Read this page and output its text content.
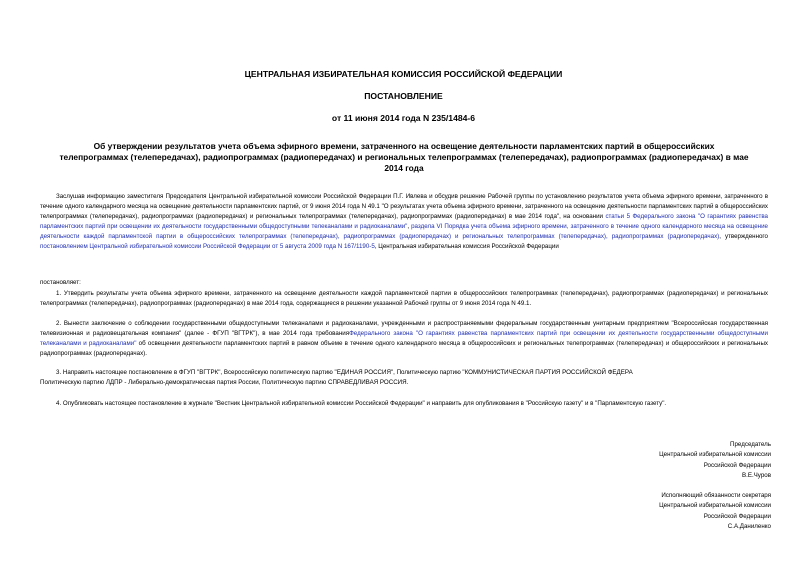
ЦЕНТРАЛЬНАЯ ИЗБИРАТЕЛЬНАЯ КОМИССИЯ РОССИЙСКОЙ ФЕДЕРАЦИИ
ПОСТАНОВЛЕНИЕ
от 11 июня 2014 года N 235/1484-6
Об утверждении результатов учета объема эфирного времени, затраченного на освещение деятельности парламентских партий в общероссийских
телепрограммах (телепередачах), радиопрограммах (радиопередачах) и региональных телепрограммах (телепередачах), радиопрограммах (радиопередачах) в мае
2014 года
Заслушав информацию заместителя Председателя Центральной избирательной комиссии Российской Федерации П.Г. Ивлева и обсудив решение Рабочей группы по установлению результатов учета объема эфирного времени, затраченного в течение одного календарного месяца на освещение деятельности парламентских партий, от 9 июня 2014 года N 49.1 "О результатах учета объема эфирного времени, затраченного на освещение деятельности парламентских партий в общероссийских телепрограммах (телепередачах), радиопрограммах (радиопередачах) и региональных телепрограммах (телепередачах), радиопрограммах (радиопередачах) в мае 2014 года", на основании статьи 5 Федерального закона "О гарантиях равенства парламентских партий при освещении их деятельности государственными общедоступными телеканалами и радиоканалами", раздела VI Порядка учета объема эфирного времени, затраченного в течение одного календарного месяца на освещение деятельности каждой парламентской партии в общероссийских телепрограммах (телепередачах), радиопрограммах (радиопередачах) и региональных телепрограммах (телепередачах), радиопрограммах (радиопередачах), утвержденного постановлением Центральной избирательной комиссии Российской Федерации от 5 августа 2009 года N 167/1190-5, Центральная избирательная комиссия Российской Федерации
постановляет:
1. Утвердить результаты учета объема эфирного времени, затраченного на освещение деятельности каждой парламентской партии в общероссийских телепрограммах (телепередачах), радиопрограммах (радиопередачах) и региональных телепрограммах (телепередачах), радиопрограммах (радиопередачах) в мае 2014 года, содержащиеся в решении указанной Рабочей группы от 9 июня 2014 года N 49.1.
2. Вынести заключение о соблюдении государственными общедоступными телеканалами и радиоканалами, учрежденными и распространяемыми федеральным государственным унитарным предприятием "Всероссийская государственная телевизионная и радиовещательная компания" (далее - ФГУП "ВГТРК"), в мае 2014 года требованияФедерального закона "О гарантиях равенства парламентских партий при освещении их деятельности государственными общедоступными телеканалами и радиоканалами" об освещении деятельности парламентских партий в равном объеме в течение одного календарного месяца в общероссийских и региональных телепрограммах (телепередачах) и общероссийских и региональных радиопрограммах (радиопередачах).
3. Направить настоящее постановление в ФГУП "ВГТРК", Всероссийскую политическую партию "ЕДИНАЯ РОССИЯ", Политическую партию "КОММУНИСТИЧЕСКАЯ ПАРТИЯ РОССИЙСКОЙ ФЕДЕРА
Политическую партию ЛДПР - Либерально-демократическая партия России, Политическую партию СПРАВЕДЛИВАЯ РОССИЯ.
4. Опубликовать настоящее постановление в журнале "Вестник Центральной избирательной комиссии Российской Федерации" и направить для опубликования в "Российскую газету" и в "Парламентскую газету".
Председатель
Центральной избирательной комиссии
Российской Федерации
В.Е.Чуров
Исполняющий обязанности секретаря
Центральной избирательной комиссии
Российской Федерации
С.А.Даниленко
